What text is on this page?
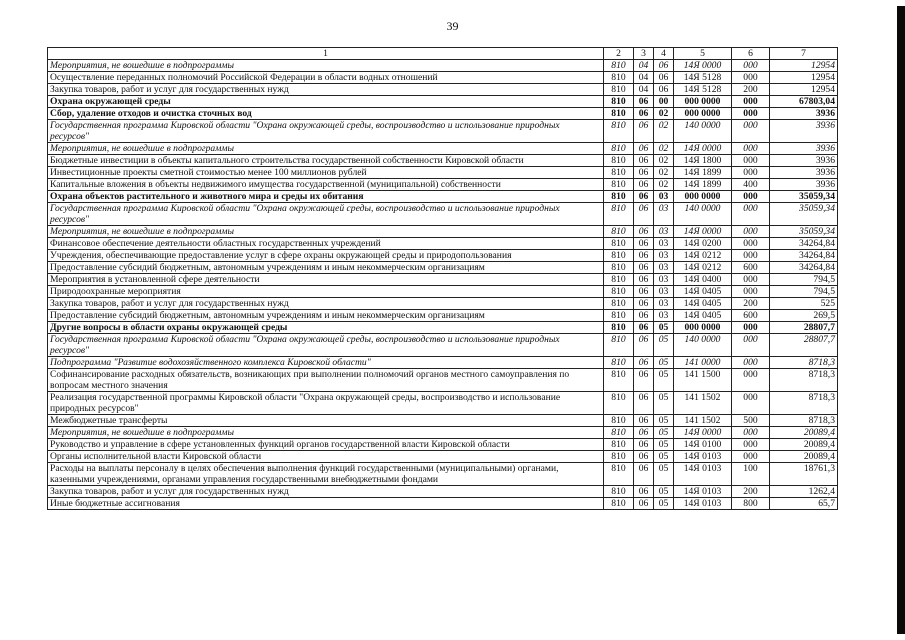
39
1	2	3	4	5	6	7
Мероприятия, не вошедшие в подпрограммы	810	04	06	14Я 0000	000	12954
Осуществление переданных полномочий Российской Федерации в области водных отношений	810	04	06	14Я 5128	000	12954
Закупка товаров, работ и услуг для государственных нужд	810	04	06	14Я 5128	200	12954
Охрана окружающей среды	810	06	00	000 0000	000	67803,04
Сбор, удаление отходов и очистка сточных вод	810	06	02	000 0000	000	3936
Государственная программа Кировской области "Охрана окружающей среды, воспроизводство и использование природных ресурсов"	810	06	02	140 0000	000	3936
Мероприятия, не вошедшие в подпрограммы	810	06	02	14Я 0000	000	3936
Бюджетные инвестиции в объекты капитального строительства государственной собственности Кировской области	810	06	02	14Я 1800	000	3936
Инвестиционные проекты сметной стоимостью менее 100 миллионов рублей	810	06	02	14Я 1899	000	3936
Капитальные вложения в объекты недвижимого имущества государственной (муниципальной) собственности	810	06	02	14Я 1899	400	3936
Охрана объектов растительного и животного мира и среды их обитания	810	06	03	000 0000	000	35059,34
Государственная программа Кировской области "Охрана окружающей среды, воспроизводство и использование природных ресурсов"	810	06	03	140 0000	000	35059,34
Мероприятия, не вошедшие в подпрограммы	810	06	03	14Я 0000	000	35059,34
Финансовое обеспечение деятельности областных государственных учреждений	810	06	03	14Я 0200	000	34264,84
Учреждения, обеспечивающие предоставление услуг в сфере охраны окружающей среды и природопользования	810	06	03	14Я 0212	000	34264,84
Предоставление субсидий бюджетным, автономным учреждениям и иным некоммерческим организациям	810	06	03	14Я 0212	600	34264,84
Мероприятия в установленной сфере деятельности	810	06	03	14Я 0400	000	794,5
Природоохранные мероприятия	810	06	03	14Я 0405	000	794,5
Закупка товаров, работ и услуг для государственных нужд	810	06	03	14Я 0405	200	525
Предоставление субсидий бюджетным, автономным учреждениям и иным некоммерческим организациям	810	06	03	14Я 0405	600	269,5
Другие вопросы в области охраны окружающей среды	810	06	05	000 0000	000	28807,7
Государственная программа Кировской области "Охрана окружающей среды, воспроизводство и использование природных ресурсов"	810	06	05	140 0000	000	28807,7
Подпрограмма "Развитие водохозяйственного комплекса Кировской области"	810	06	05	141 0000	000	8718,3
Софинансирование расходных обязательств, возникающих при выполнении полномочий органов местного самоуправления по вопросам местного значения	810	06	05	141 1500	000	8718,3
Реализация государственной программы Кировской области "Охрана окружающей среды, воспроизводство и использование природных ресурсов"	810	06	05	141 1502	000	8718,3
Межбюджетные трансферты	810	06	05	141 1502	500	8718,3
Мероприятия, не вошедшие в подпрограммы	810	06	05	14Я 0000	000	20089,4
Руководство и управление в сфере установленных функций органов государственной власти Кировской области	810	06	05	14Я 0100	000	20089,4
Органы исполнительной власти Кировской области	810	06	05	14Я 0103	000	20089,4
Расходы на выплаты персоналу в целях обеспечения выполнения функций государственными (муниципальными) органами, казенными учреждениями, органами управления государственными внебюджетными фондами	810	06	05	14Я 0103	100	18761,3
Закупка товаров, работ и услуг для государственных нужд	810	06	05	14Я 0103	200	1262,4
Иные бюджетные ассигнования	810	06	05	14Я 0103	800	65,7
